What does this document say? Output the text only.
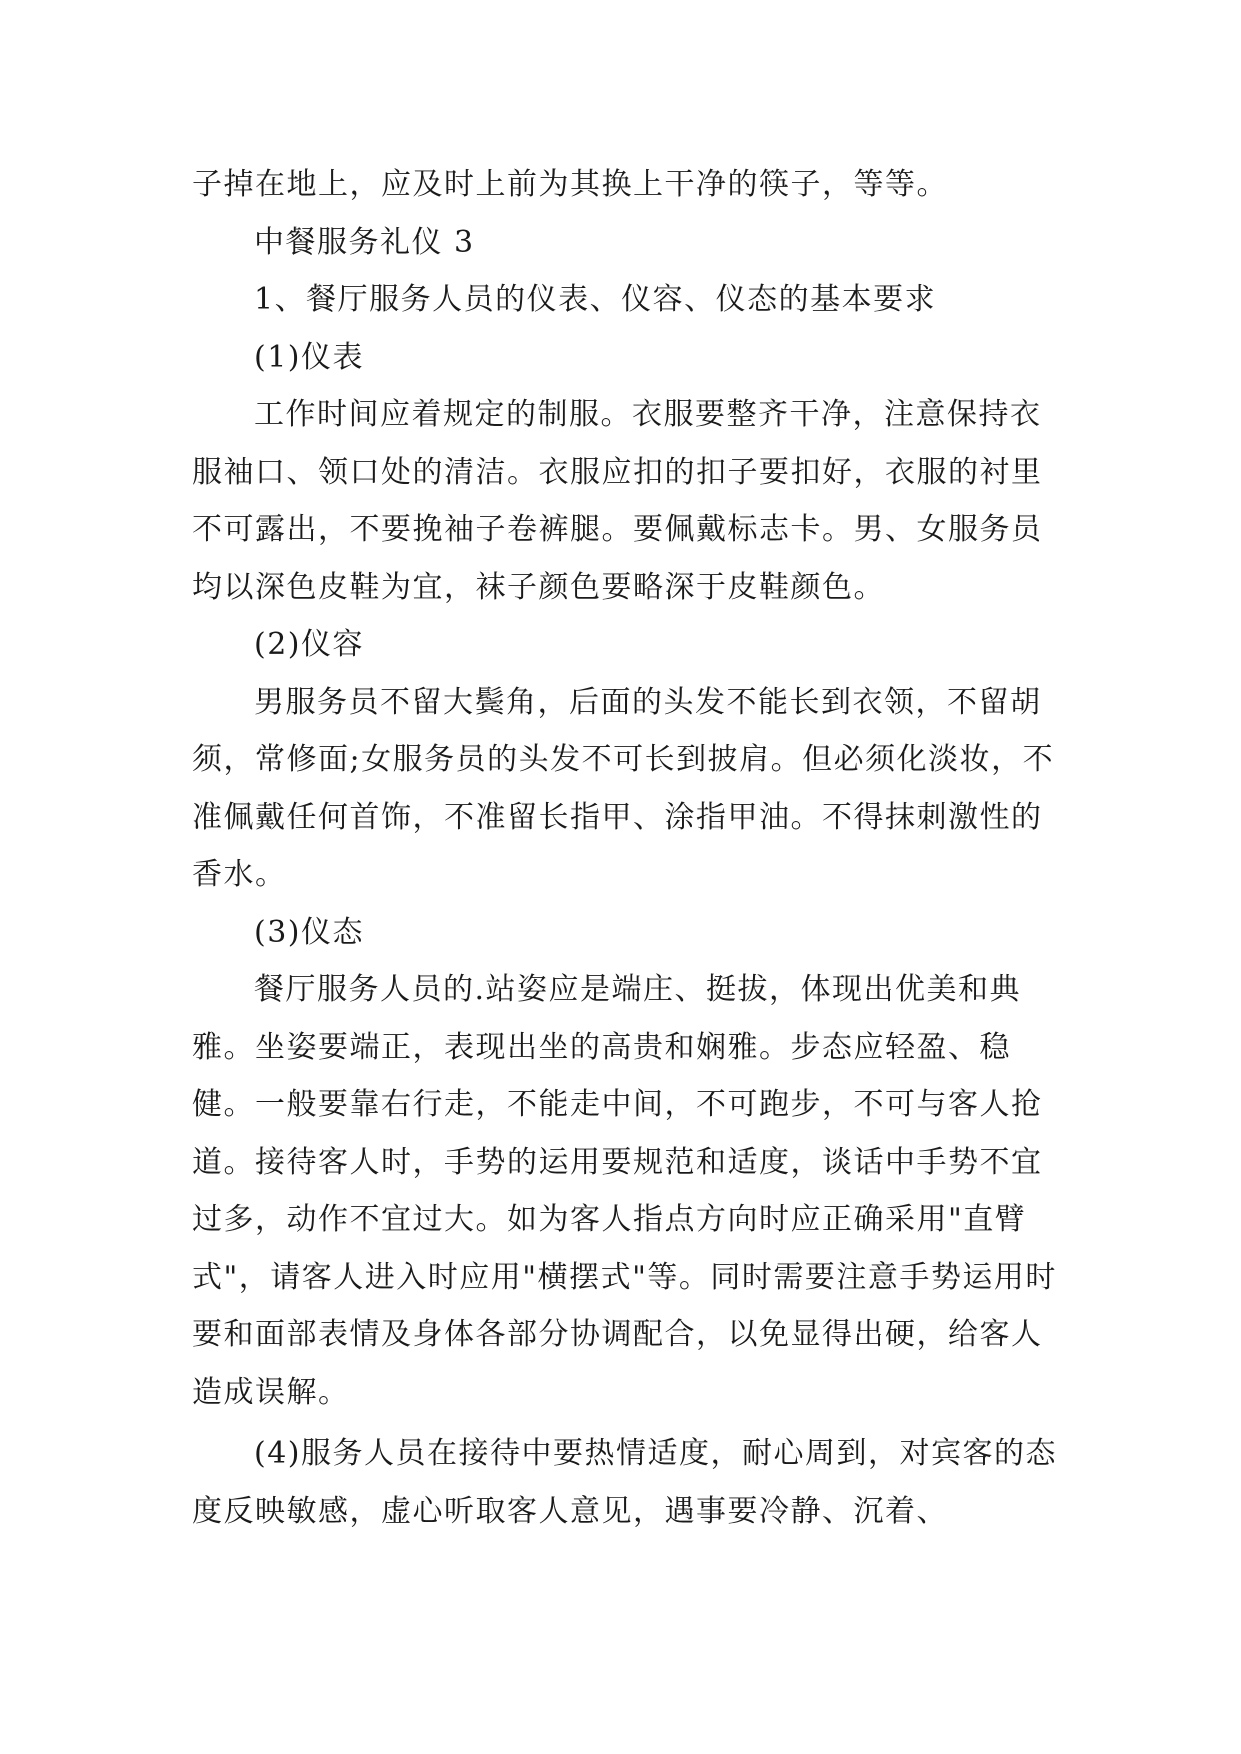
子掉在地上，应及时上前为其换上干净的筷子，等等。

中餐服务礼仪 3

1、餐厅服务人员的仪表、仪容、仪态的基本要求

(1)仪表

工作时间应着规定的制服。衣服要整齐干净，注意保持衣服袖口、领口处的清洁。衣服应扣的扣子要扣好，衣服的衬里不可露出，不要挽袖子卷裤腿。要佩戴标志卡。男、女服务员均以深色皮鞋为宜，袜子颜色要略深于皮鞋颜色。

(2)仪容

男服务员不留大鬓角，后面的头发不能长到衣领，不留胡须，常修面;女服务员的头发不可长到披肩。但必须化淡妆，不准佩戴任何首饰，不准留长指甲、涂指甲油。不得抹刺激性的香水。

(3)仪态

餐厅服务人员的.站姿应是端庄、挺拔，体现出优美和典雅。坐姿要端正，表现出坐的高贵和娴雅。步态应轻盈、稳健。一般要靠右行走，不能走中间，不可跑步，不可与客人抢道。接待客人时，手势的运用要规范和适度，谈话中手势不宜过多，动作不宜过大。如为客人指点方向时应正确采用"直臂式"，请客人进入时应用"横摆式"等。同时需要注意手势运用时要和面部表情及身体各部分协调配合，以免显得出硬，给客人造成误解。

(4)服务人员在接待中要热情适度，耐心周到，对宾客的态度反映敏感，虚心听取客人意见，遇事要冷静、沉着、
